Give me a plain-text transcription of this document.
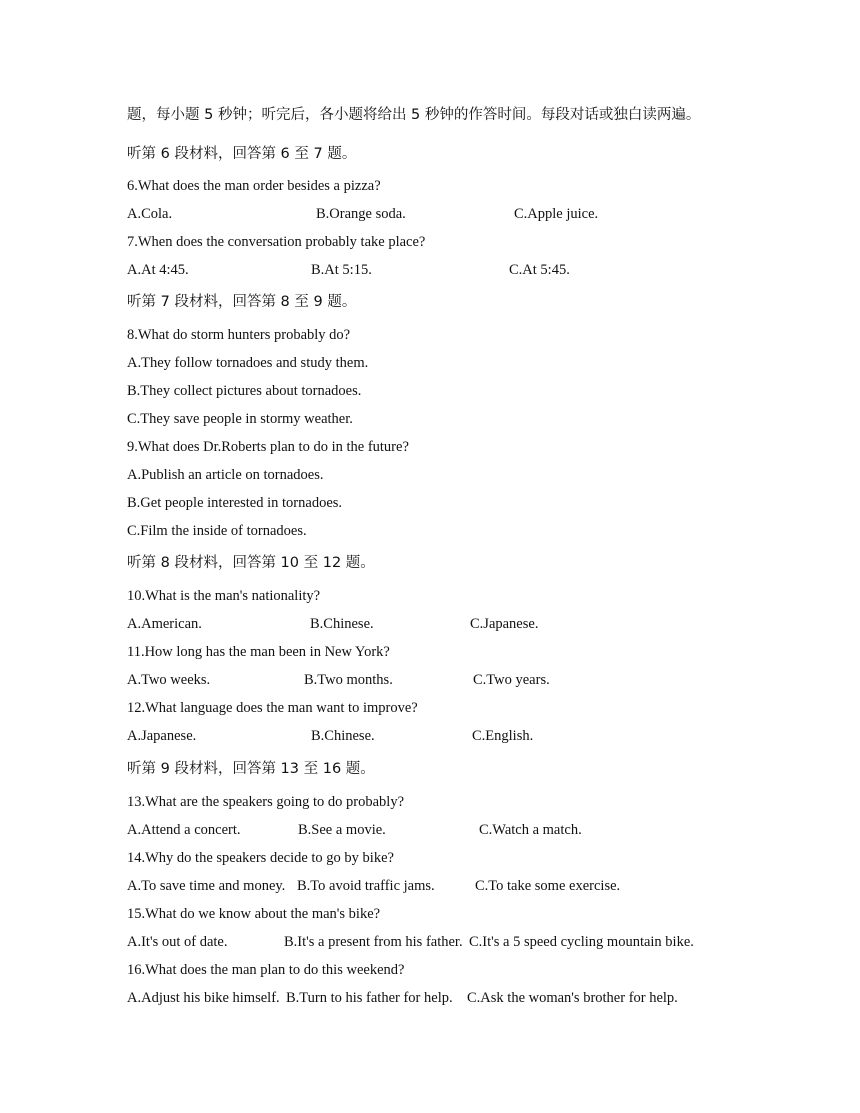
题，每小题 5 秒钟；听完后，各小题将给出 5 秒钟的作答时间。每段对话或独白读两遍。
听第 6 段材料，回答第 6 至 7 题。
6.What does the man order besides a pizza?
A.Cola.	B.Orange soda.	C.Apple juice.
7.When does the conversation probably take place?
A.At 4:45.	B.At 5:15.	C.At 5:45.
听第 7 段材料，回答第 8 至 9 题。
8.What do storm hunters probably do?
A.They follow tornadoes and study them.
B.They collect pictures about tornadoes.
C.They save people in stormy weather.
9.What does Dr.Roberts plan to do in the future?
A.Publish an article on tornadoes.
B.Get people interested in tornadoes.
C.Film the inside of tornadoes.
听第 8 段材料，回答第 10 至 12 题。
10.What is the man's nationality?
A.American.	B.Chinese.	C.Japanese.
11.How long has the man been in New York?
A.Two weeks.	B.Two months.	C.Two years.
12.What language does the man want to improve?
A.Japanese.	B.Chinese.	C.English.
听第 9 段材料，回答第 13 至 16 题。
13.What are the speakers going to do probably?
A.Attend a concert.	B.See a movie.	C.Watch a match.
14.Why do the speakers decide to go by bike?
A.To save time and money. B.To avoid traffic jams.	C.To take some exercise.
15.What do we know about the man's bike?
A.It's out of date.	B.It's a present from his father. C.It's a 5 speed cycling mountain bike.
16.What does the man plan to do this weekend?
A.Adjust his bike himself. B.Turn to his father for help. C.Ask the woman's brother for help.
